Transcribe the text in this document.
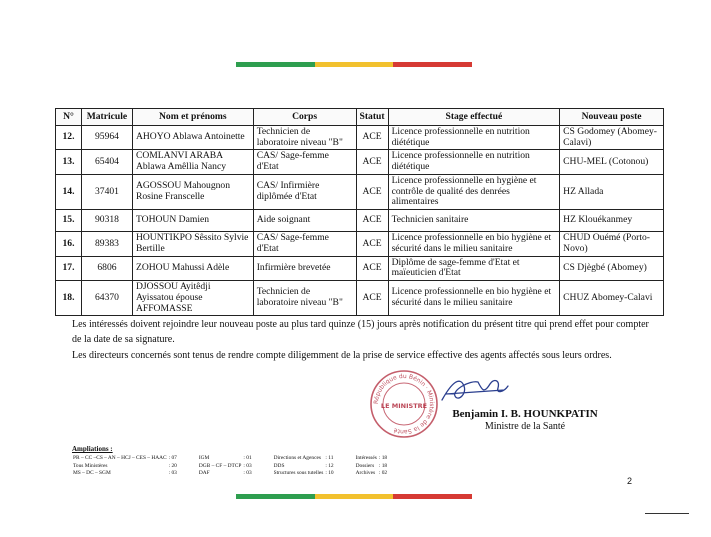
N°	Matricule	Nom et prénoms	Corps	Statut	Stage effectué	Nouveau poste
12.	95964	AHOYO Ablawa Antoinette	Technicien de laboratoire niveau "B"	ACE	Licence professionnelle en nutrition diététique	CS Godomey (Abomey-Calavi)
13.	65404	COMLANVI ARABA Ablawa Amêllia Nancy	CAS/ Sage-femme d'Etat	ACE	Licence professionnelle en nutrition diététique	CHU-MEL (Cotonou)
14.	37401	AGOSSOU Mahougnon Rosine Franscelle	CAS/ Infirmière diplômée d'Etat	ACE	Licence professionnelle en hygiène et contrôle de qualité des denrées alimentaires	HZ Allada
15.	90318	TOHOUN Damien	Aide soignant	ACE	Technicien sanitaire	HZ Klouékanmey
16.	89383	HOUNTIKPO Sêssito Sylvie Bertille	CAS/ Sage-femme d'Etat	ACE	Licence professionnelle en bio hygiène et sécurité dans le milieu sanitaire	CHUD Ouémé (Porto-Novo)
17.	6806	ZOHOU Mahussi Adèle	Infirmière brevetée	ACE	Diplôme de sage-femme d'Etat et maïeuticien d'Etat	CS Djègbé (Abomey)
18.	64370	DJOSSOU Ayitêdji Ayissatou épouse AFFOMASSE	Technicien de laboratoire niveau "B"	ACE	Licence professionnelle en bio hygiène et sécurité dans le milieu sanitaire	CHUZ Abomey-Calavi
Les intéressés doivent rejoindre leur nouveau poste au plus tard quinze (15) jours après notification du présent titre qui prend effet pour compter de la date de sa signature.
Les directeurs concernés sont tenus de rendre compte diligemment de la prise de service effective des agents affectés sous leurs ordres.
République du Bénin · Ministère de la Santé
LE MINISTRE
Benjamin I. B. HOUNKPATIN
Ministre de la Santé
Ampliations :
PR – CC –CS – AN – HCJ – CES – HAAC	: 07		IGM	: 01		Directions et Agences	: 11		Intéressés	: 18
Tous Ministères	: 20		DGB – CF – DTCP	: 03		DDS	: 12		Dossiers	: 18
MS – DC – SGM	: 03		DAF	: 03		Structures sous tutelles	: 10		Archives	: 02
2
